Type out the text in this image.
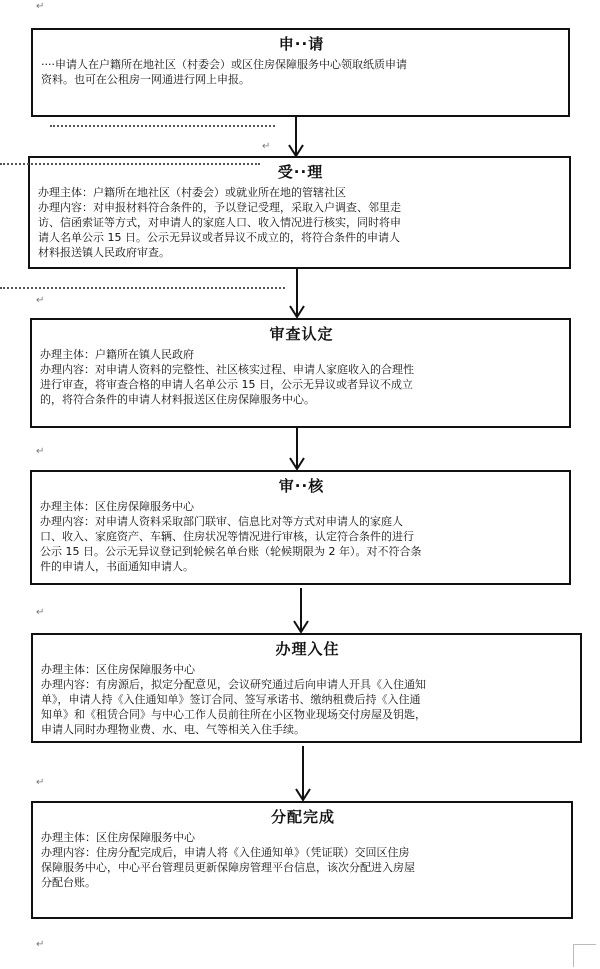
申··请

····申请人在户籍所在地社区（村委会）或区住房保障服务中心领取纸质申请

资料。也可在公租房一网通进行网上申报。

受··理

办理主体：户籍所在地社区（村委会）或就业所在地的管辖社区

办理内容：对申报材料符合条件的，予以登记受理，采取入户调查、邻里走

访、信函索证等方式，对申请人的家庭人口、收入情况进行核实，同时将申

请人名单公示 15 日。公示无异议或者异议不成立的，将符合条件的申请人

材料报送镇人民政府审查。

审查认定

办理主体：户籍所在镇人民政府

办理内容：对申请人资料的完整性、社区核实过程、申请人家庭收入的合理性

进行审查，将审查合格的申请人名单公示 15 日，公示无异议或者异议不成立

的，将符合条件的申请人材料报送区住房保障服务中心。

审··核

办理主体：区住房保障服务中心

办理内容：对申请人资料采取部门联审、信息比对等方式对申请人的家庭人

口、收入、家庭资产、车辆、住房状况等情况进行审核，认定符合条件的进行

公示 15 日。公示无异议登记到轮候名单台账（轮候期限为 2 年）。对不符合条

件的申请人，书面通知申请人。

办理入住

办理主体：区住房保障服务中心

办理内容：有房源后，拟定分配意见，会议研究通过后向申请人开具《入住通知

单》，申请人持《入住通知单》签订合同、签写承诺书、缴纳租费后持《入住通

知单》和《租赁合同》与中心工作人员前往所在小区物业现场交付房屋及钥匙，

申请人同时办理物业费、水、电、气等相关入住手续。

分配完成

办理主体：区住房保障服务中心

办理内容：住房分配完成后，申请人将《入住通知单》（凭证联）交回区住房

保障服务中心，中心平台管理员更新保障房管理平台信息，该次分配进入房屋

分配台账。

↵
↵
↵
↵
↵
↵
↵
